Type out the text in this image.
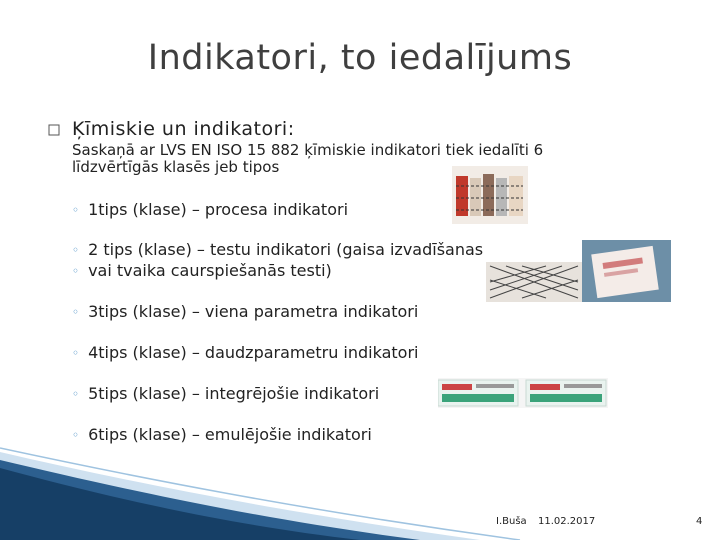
Indikatori, to iedalījums
Ķīmiskie un indikatori:
Saskaņā ar LVS EN ISO 15 882 ķīmiskie indikatori tiek iedalīti 6 līdzvērtīgās klasēs jeb tipos
◦ 1tips (klase) – procesa indikatori
◦ 2 tips (klase) – testu indikatori (gaisa izvadīšanas
◦ vai tvaika caurspiešanās testi)
◦ 3tips (klase) – viena parametra indikatori
◦ 4tips (klase) – daudzparametru indikatori
◦ 5tips (klase) – integrējošie indikatori
◦ 6tips (klase) – emulējošie indikatori
I.Buša 11.02.2017	4
